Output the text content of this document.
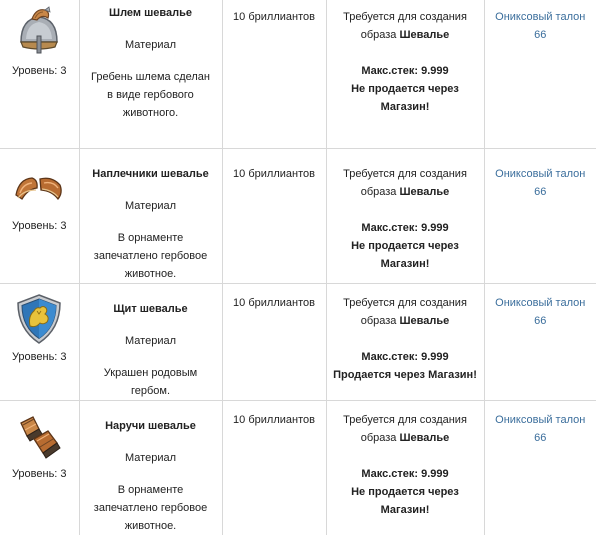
Уровень: 3	Шлем шевалье
Материал
Гребень шлема сделан в виде гербового животного.	10 бриллиантов	Требуется для создания образа Шевалье
Макс.стек: 9.999
Не продается через Магазин!	Ониксовый талон 66

Уровень: 3	Наплечники шевалье
Материал
В орнаменте запечатлено гербовое животное.	10 бриллиантов	Требуется для создания образа Шевалье
Макс.стек: 9.999
Не продается через Магазин!	Ониксовый талон 66

Уровень: 3	Щит шевалье
Материал
Украшен родовым гербом.	10 бриллиантов	Требуется для создания образа Шевалье
Макс.стек: 9.999
Продается через Магазин!	Ониксовый талон 66

Уровень: 3	Наручи шевалье
Материал
В орнаменте запечатлено гербовое животное.	10 бриллиантов	Требуется для создания образа Шевалье
Макс.стек: 9.999
Не продается через Магазин!	Ониксовый талон 66
